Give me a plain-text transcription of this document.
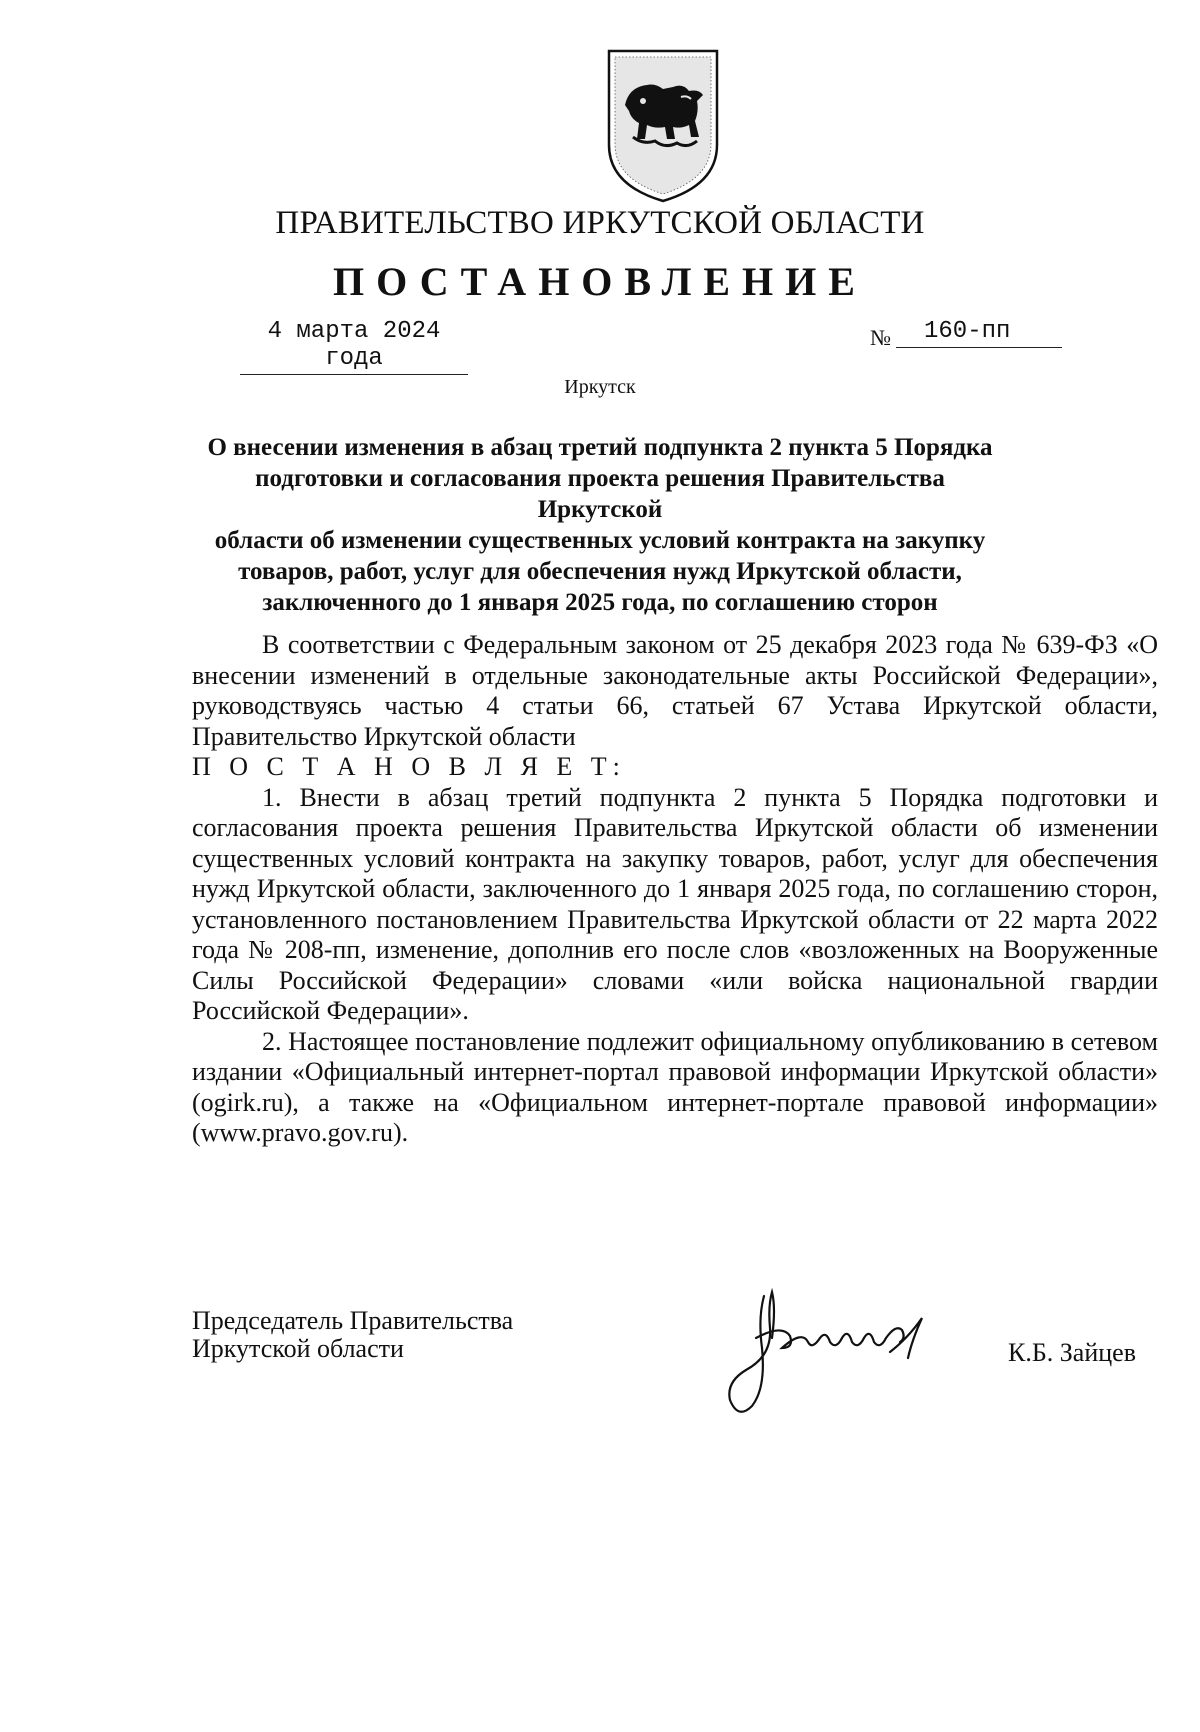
ПРАВИТЕЛЬСТВО ИРКУТСКОЙ ОБЛАСТИ
ПОСТАНОВЛЕНИЕ
4 марта 2024 года
№	160-пп
Иркутск
О внесении изменения в абзац третий подпункта 2 пункта 5 Порядка
подготовки и согласования проекта решения Правительства Иркутской
области об изменении существенных условий контракта на закупку
товаров, работ, услуг для обеспечения нужд Иркутской области,
заключенного до 1 января 2025 года, по соглашению сторон

В соответствии с Федеральным законом от 25 декабря 2023 года № 639-ФЗ «О внесении изменений в отдельные законодательные акты Российской Федерации», руководствуясь частью 4 статьи 66, статьей 67 Устава Иркутской области, Правительство Иркутской области

П О С Т А Н О В Л Я Е Т:

1. Внести в абзац третий подпункта 2 пункта 5 Порядка подготовки и согласования проекта решения Правительства Иркутской области об изменении существенных условий контракта на закупку товаров, работ, услуг для обеспечения нужд Иркутской области, заключенного до 1 января 2025 года, по соглашению сторон, установленного постановлением Правительства Иркутской области от 22 марта 2022 года № 208-пп, изменение, дополнив его после слов «возложенных на Вооруженные Силы Российской Федерации» словами «или войска национальной гвардии Российской Федерации».

2. Настоящее постановление подлежит официальному опубликованию в сетевом издании «Официальный интернет-портал правовой информации Иркутской области» (ogirk.ru), а также на «Официальном интернет-портале правовой информации» (www.pravo.gov.ru).

Председатель Правительства
Иркутской области	К.Б. Зайцев
